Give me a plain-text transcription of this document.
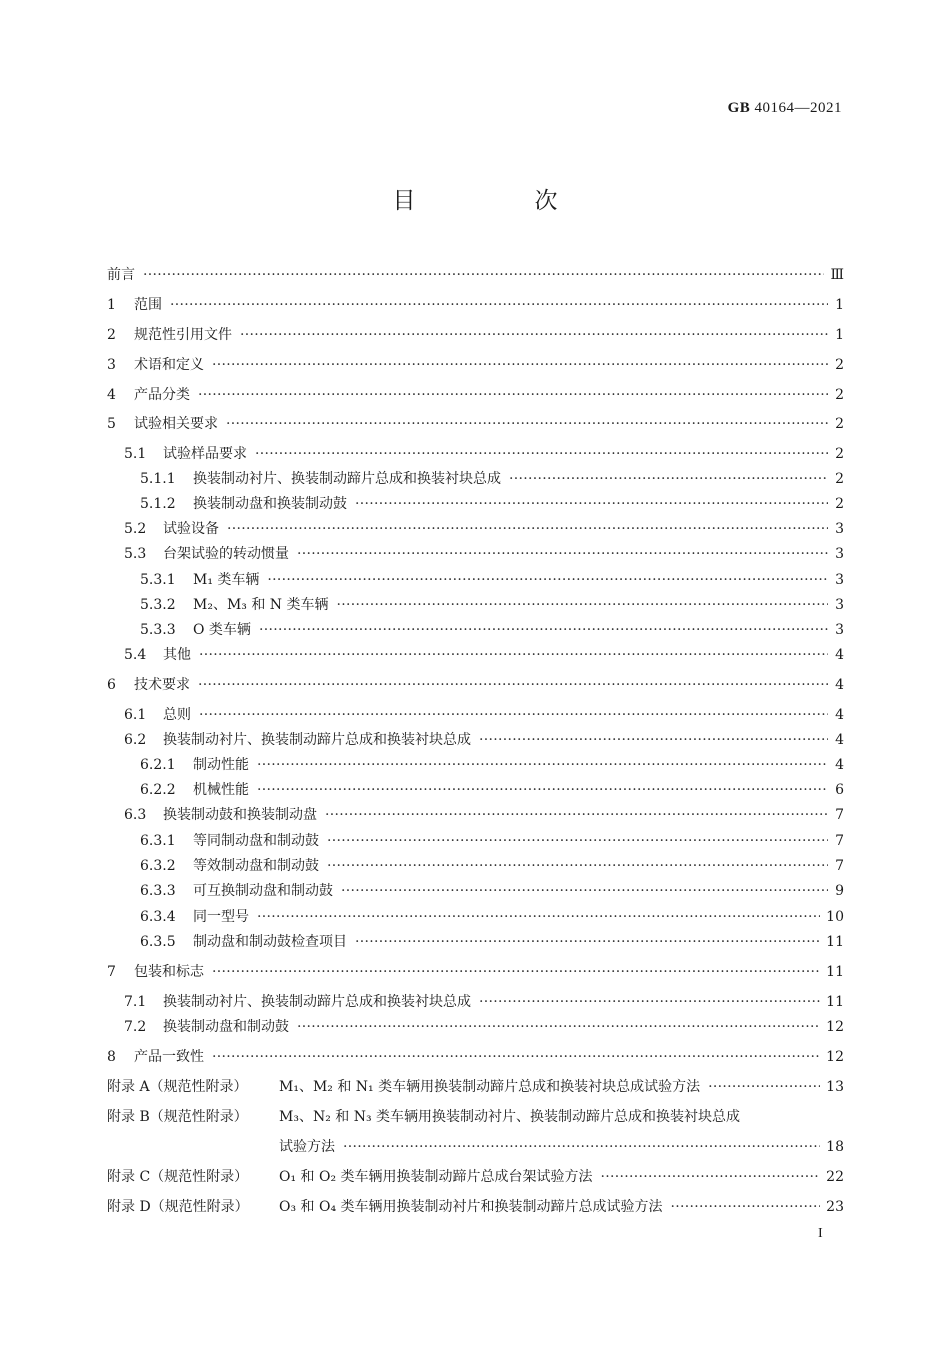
GB 40164—2021
目　次
前言 ·····	Ⅲ
1	范围 ·····	1
2	规范性引用文件 ·····	1
3	术语和定义 ·····	2
4	产品分类 ·····	2
5	试验相关要求 ·····	2
5.1	试验样品要求 ·····	2
5.1.1	换装制动衬片、换装制动蹄片总成和换装衬块总成 ·····	2
5.1.2	换装制动盘和换装制动鼓 ·····	2
5.2	试验设备 ·····	3
5.3	台架试验的转动惯量 ·····	3
5.3.1	M₁ 类车辆 ·····	3
5.3.2	M₂、M₃ 和 N 类车辆 ·····	3
5.3.3	O 类车辆 ·····	3
5.4	其他 ·····	4
6	技术要求 ·····	4
6.1	总则 ·····	4
6.2	换装制动衬片、换装制动蹄片总成和换装衬块总成 ·····	4
6.2.1	制动性能 ·····	4
6.2.2	机械性能 ·····	6
6.3	换装制动鼓和换装制动盘 ·····	7
6.3.1	等同制动盘和制动鼓 ·····	7
6.3.2	等效制动盘和制动鼓 ·····	7
6.3.3	可互换制动盘和制动鼓 ·····	9
6.3.4	同一型号 ·····	10
6.3.5	制动盘和制动鼓检查项目 ·····	11
7	包装和标志 ·····	11
7.1	换装制动衬片、换装制动蹄片总成和换装衬块总成 ·····	11
7.2	换装制动盘和制动鼓 ·····	12
8	产品一致性 ·····	12
附录 A（规范性附录）	M₁、M₂ 和 N₁ 类车辆用换装制动蹄片总成和换装衬块总成试验方法 ·····	13
附录 B（规范性附录）	M₃、N₂ 和 N₃ 类车辆用换装制动衬片、换装制动蹄片总成和换装衬块总成
试验方法 ·····	18
附录 C（规范性附录）	O₁ 和 O₂ 类车辆用换装制动蹄片总成台架试验方法 ·····	22
附录 D（规范性附录）	O₃ 和 O₄ 类车辆用换装制动衬片和换装制动蹄片总成试验方法 ·····	23
I
